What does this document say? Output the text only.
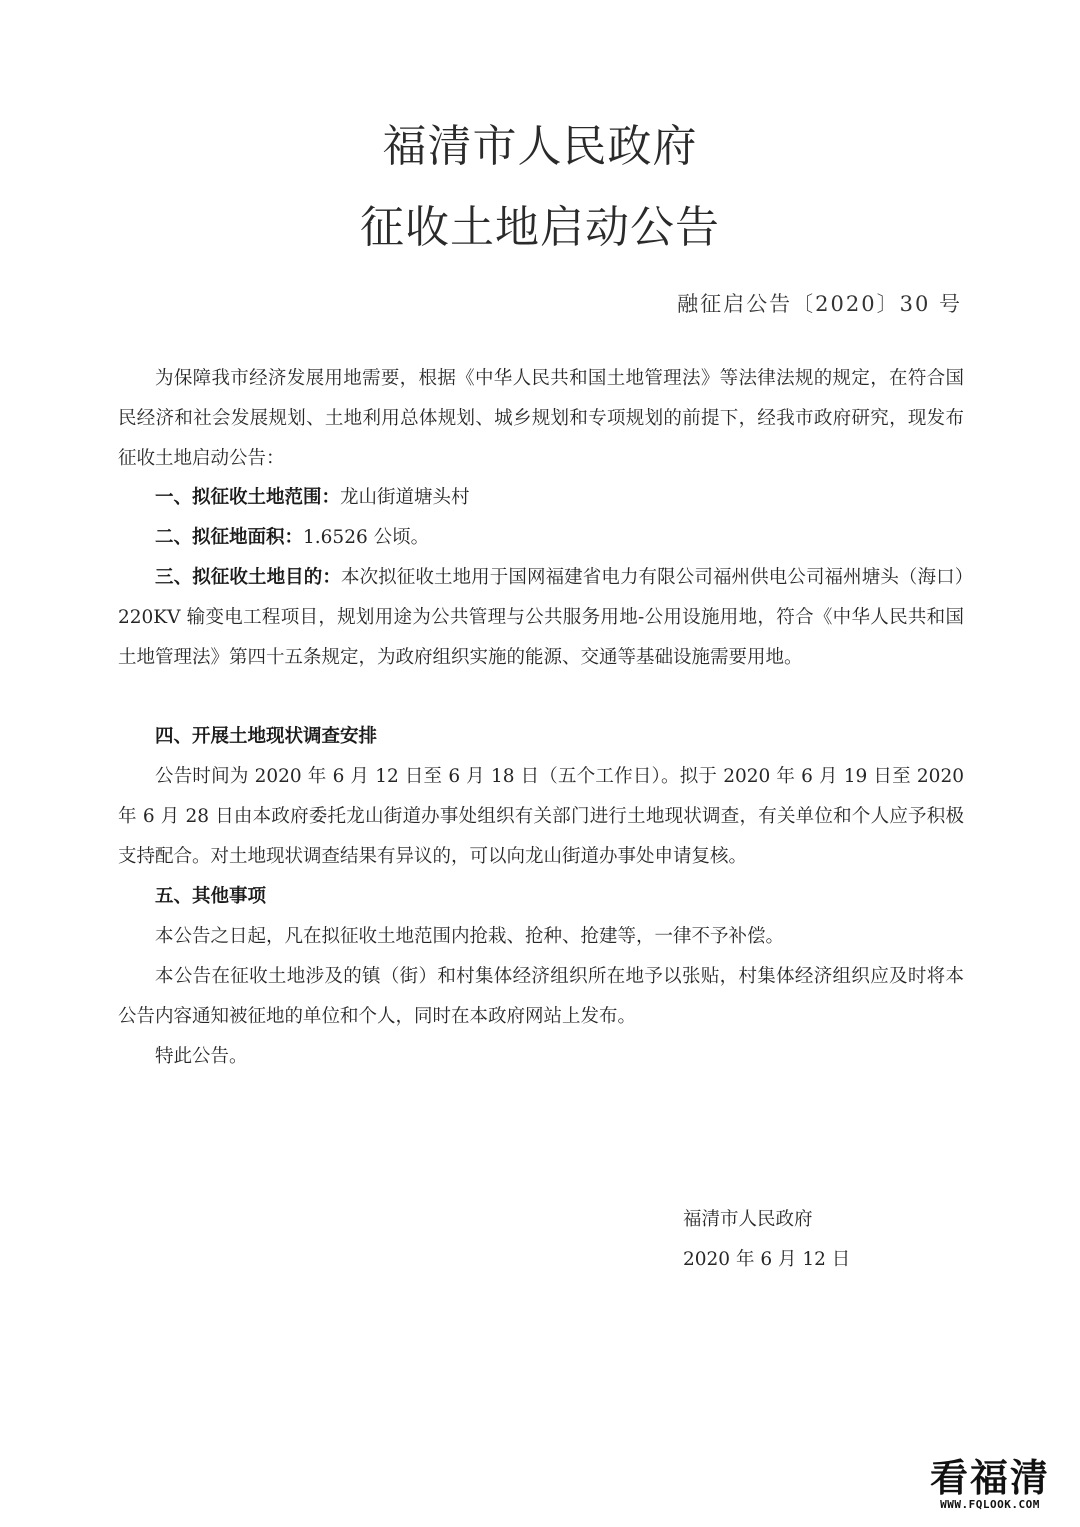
福清市人民政府
征收土地启动公告
融征启公告〔2020〕30 号

为保障我市经济发展用地需要，根据《中华人民共和国土地管理法》等法律法规的规定，在符合国民经济和社会发展规划、土地利用总体规划、城乡规划和专项规划的前提下，经我市政府研究，现发布征收土地启动公告：

一、拟征收土地范围：龙山街道塘头村

二、拟征地面积：1.6526 公顷。

三、拟征收土地目的：本次拟征收土地用于国网福建省电力有限公司福州供电公司福州塘头（海口）220KV 输变电工程项目，规划用途为公共管理与公共服务用地-公用设施用地，符合《中华人民共和国土地管理法》第四十五条规定，为政府组织实施的能源、交通等基础设施需要用地。

四、开展土地现状调查安排

公告时间为 2020 年 6 月 12 日至 6 月 18 日（五个工作日）。拟于 2020 年 6 月 19 日至 2020 年 6 月 28 日由本政府委托龙山街道办事处组织有关部门进行土地现状调查，有关单位和个人应予积极支持配合。对土地现状调查结果有异议的，可以向龙山街道办事处申请复核。

五、其他事项

本公告之日起，凡在拟征收土地范围内抢栽、抢种、抢建等，一律不予补偿。

本公告在征收土地涉及的镇（街）和村集体经济组织所在地予以张贴，村集体经济组织应及时将本公告内容通知被征地的单位和个人，同时在本政府网站上发布。

特此公告。

福清市人民政府
2020 年 6 月 12 日
看福清
WWW.FQLOOK.COM
